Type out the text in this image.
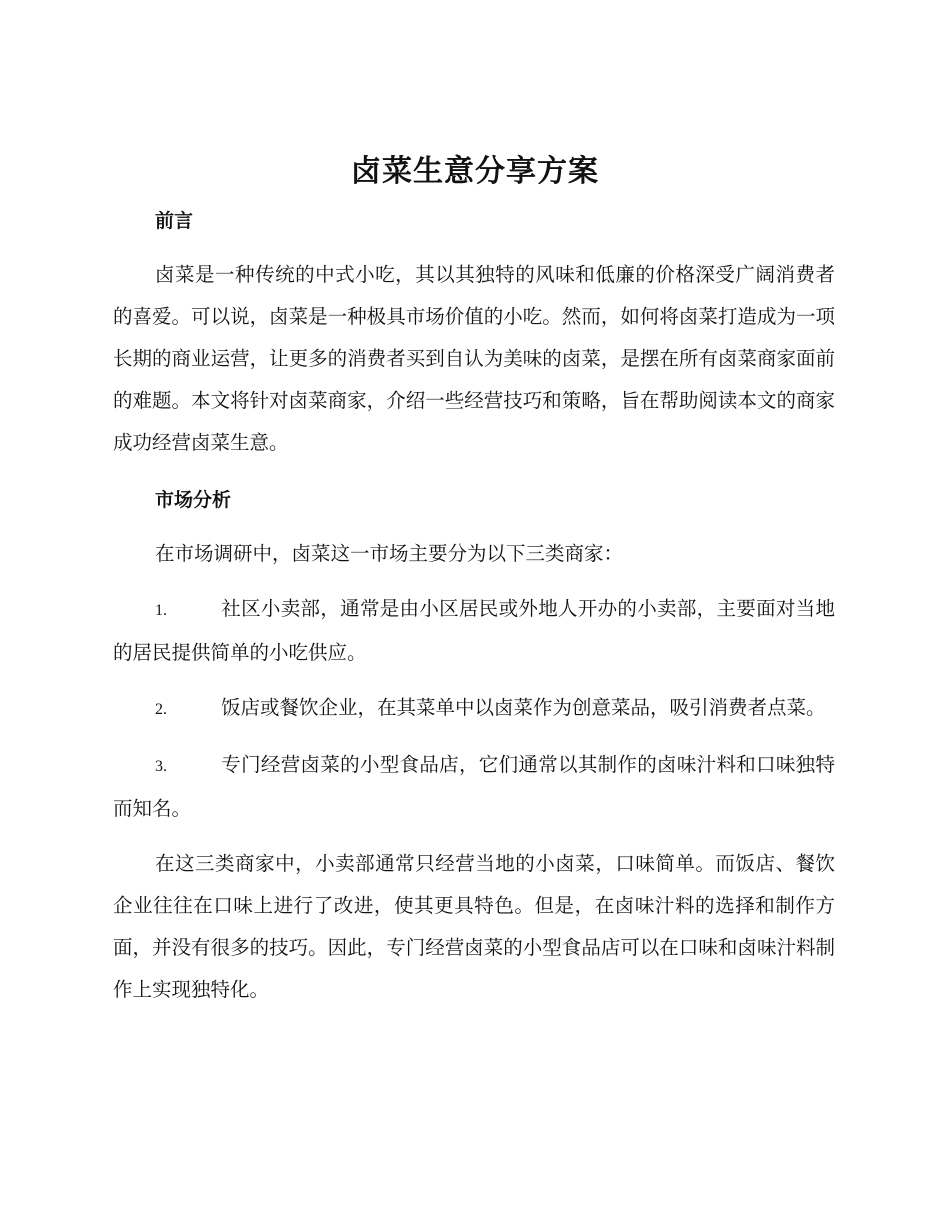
卤菜生意分享方案
前言

卤菜是一种传统的中式小吃，其以其独特的风味和低廉的价格深受广阔消费者的喜爱。可以说，卤菜是一种极具市场价值的小吃。然而，如何将卤菜打造成为一项长期的商业运营，让更多的消费者买到自认为美味的卤菜，是摆在所有卤菜商家面前的难题。本文将针对卤菜商家，介绍一些经营技巧和策略，旨在帮助阅读本文的商家成功经营卤菜生意。

市场分析

在市场调研中，卤菜这一市场主要分为以下三类商家：

1.	社区小卖部，通常是由小区居民或外地人开办的小卖部，主要面对当地的居民提供简单的小吃供应。

2.	饭店或餐饮企业，在其菜单中以卤菜作为创意菜品，吸引消费者点菜。

3.	专门经营卤菜的小型食品店，它们通常以其制作的卤味汁料和口味独特而知名。

在这三类商家中，小卖部通常只经营当地的小卤菜，口味简单。而饭店、餐饮企业往往在口味上进行了改进，使其更具特色。但是，在卤味汁料的选择和制作方面，并没有很多的技巧。因此，专门经营卤菜的小型食品店可以在口味和卤味汁料制作上实现独特化。
